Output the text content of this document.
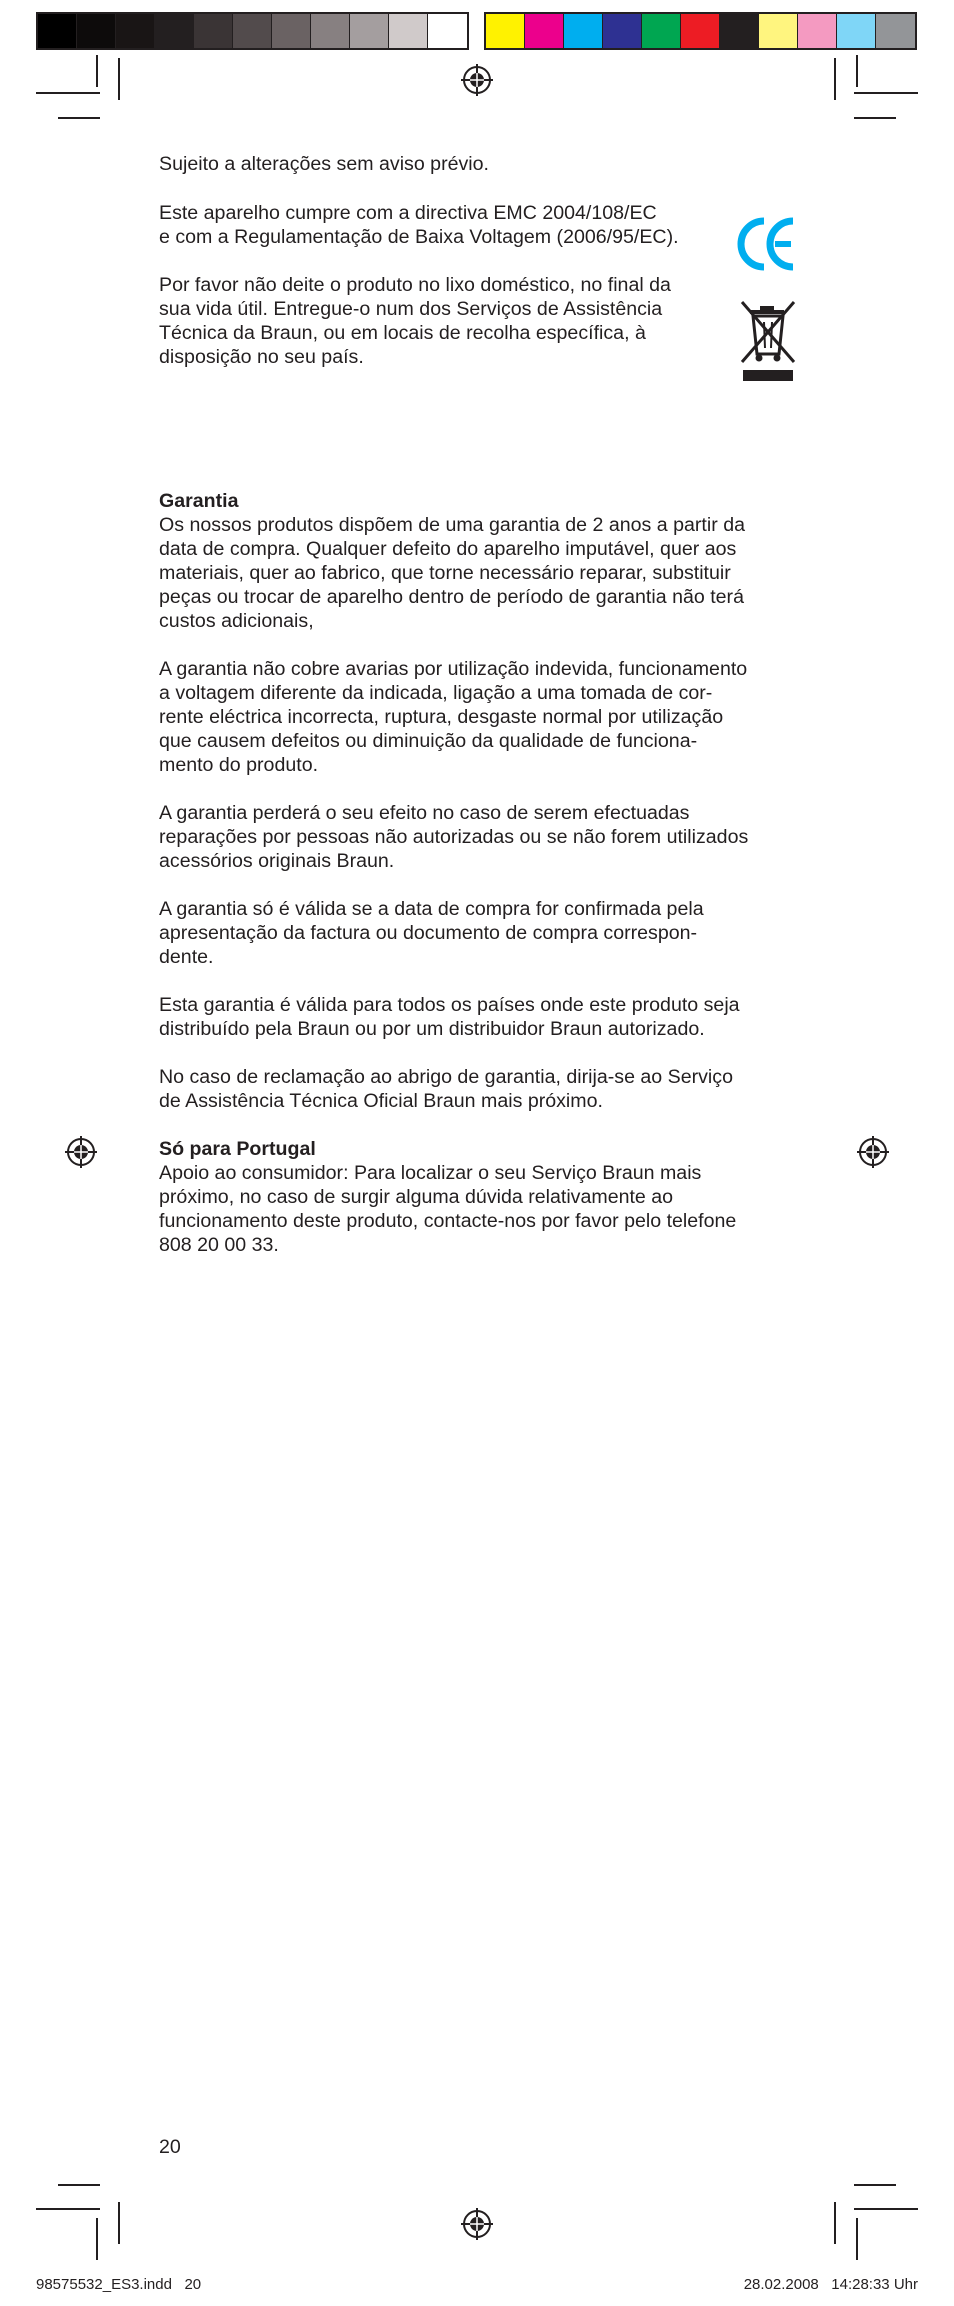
Sujeito a alterações sem aviso prévio.

Este aparelho cumpre com a directiva EMC 2004/108/EC
e com a Regulamentação de Baixa Voltagem (2006/95/EC).

Por favor não deite o produto no lixo doméstico, no final da
sua vida útil. Entregue-o num dos Serviços de Assistência
Técnica da Braun, ou em locais de recolha específica, à
disposição no seu país.

Garantia

Os nossos produtos dispõem de uma garantia de 2 anos a partir da
data de compra. Qualquer defeito do aparelho imputável, quer aos
materiais, quer ao fabrico, que torne necessário reparar, substituir
peças ou trocar de aparelho dentro de período de garantia não terá
custos adicionais,

A garantia não cobre avarias por utilização indevida, funcionamento
a voltagem diferente da indicada, ligação a uma tomada de cor-
rente eléctrica incorrecta, ruptura, desgaste normal por utilização
que causem defeitos ou diminuição da qualidade de funciona-
mento do produto.

A garantia perderá o seu efeito no caso de serem efectuadas
reparações por pessoas não autorizadas ou se não forem utilizados
acessórios originais Braun.

A garantia só é válida se a data de compra for confirmada pela
apresentação da factura ou documento de compra correspon-
dente.

Esta garantia é válida para todos os países onde este produto seja
distribuído pela Braun ou por um distribuidor Braun autorizado.

No caso de reclamação ao abrigo de garantia, dirija-se ao Serviço
de Assistência Técnica Oficial Braun mais próximo.

Só para Portugal

Apoio ao consumidor: Para localizar o seu Serviço Braun mais
próximo, no caso de surgir alguma dúvida relativamente ao
funcionamento deste produto, contacte-nos por favor pelo telefone
808 20 00 33.

20
98575532_ES3.indd   20	28.02.2008   14:28:33 Uhr
